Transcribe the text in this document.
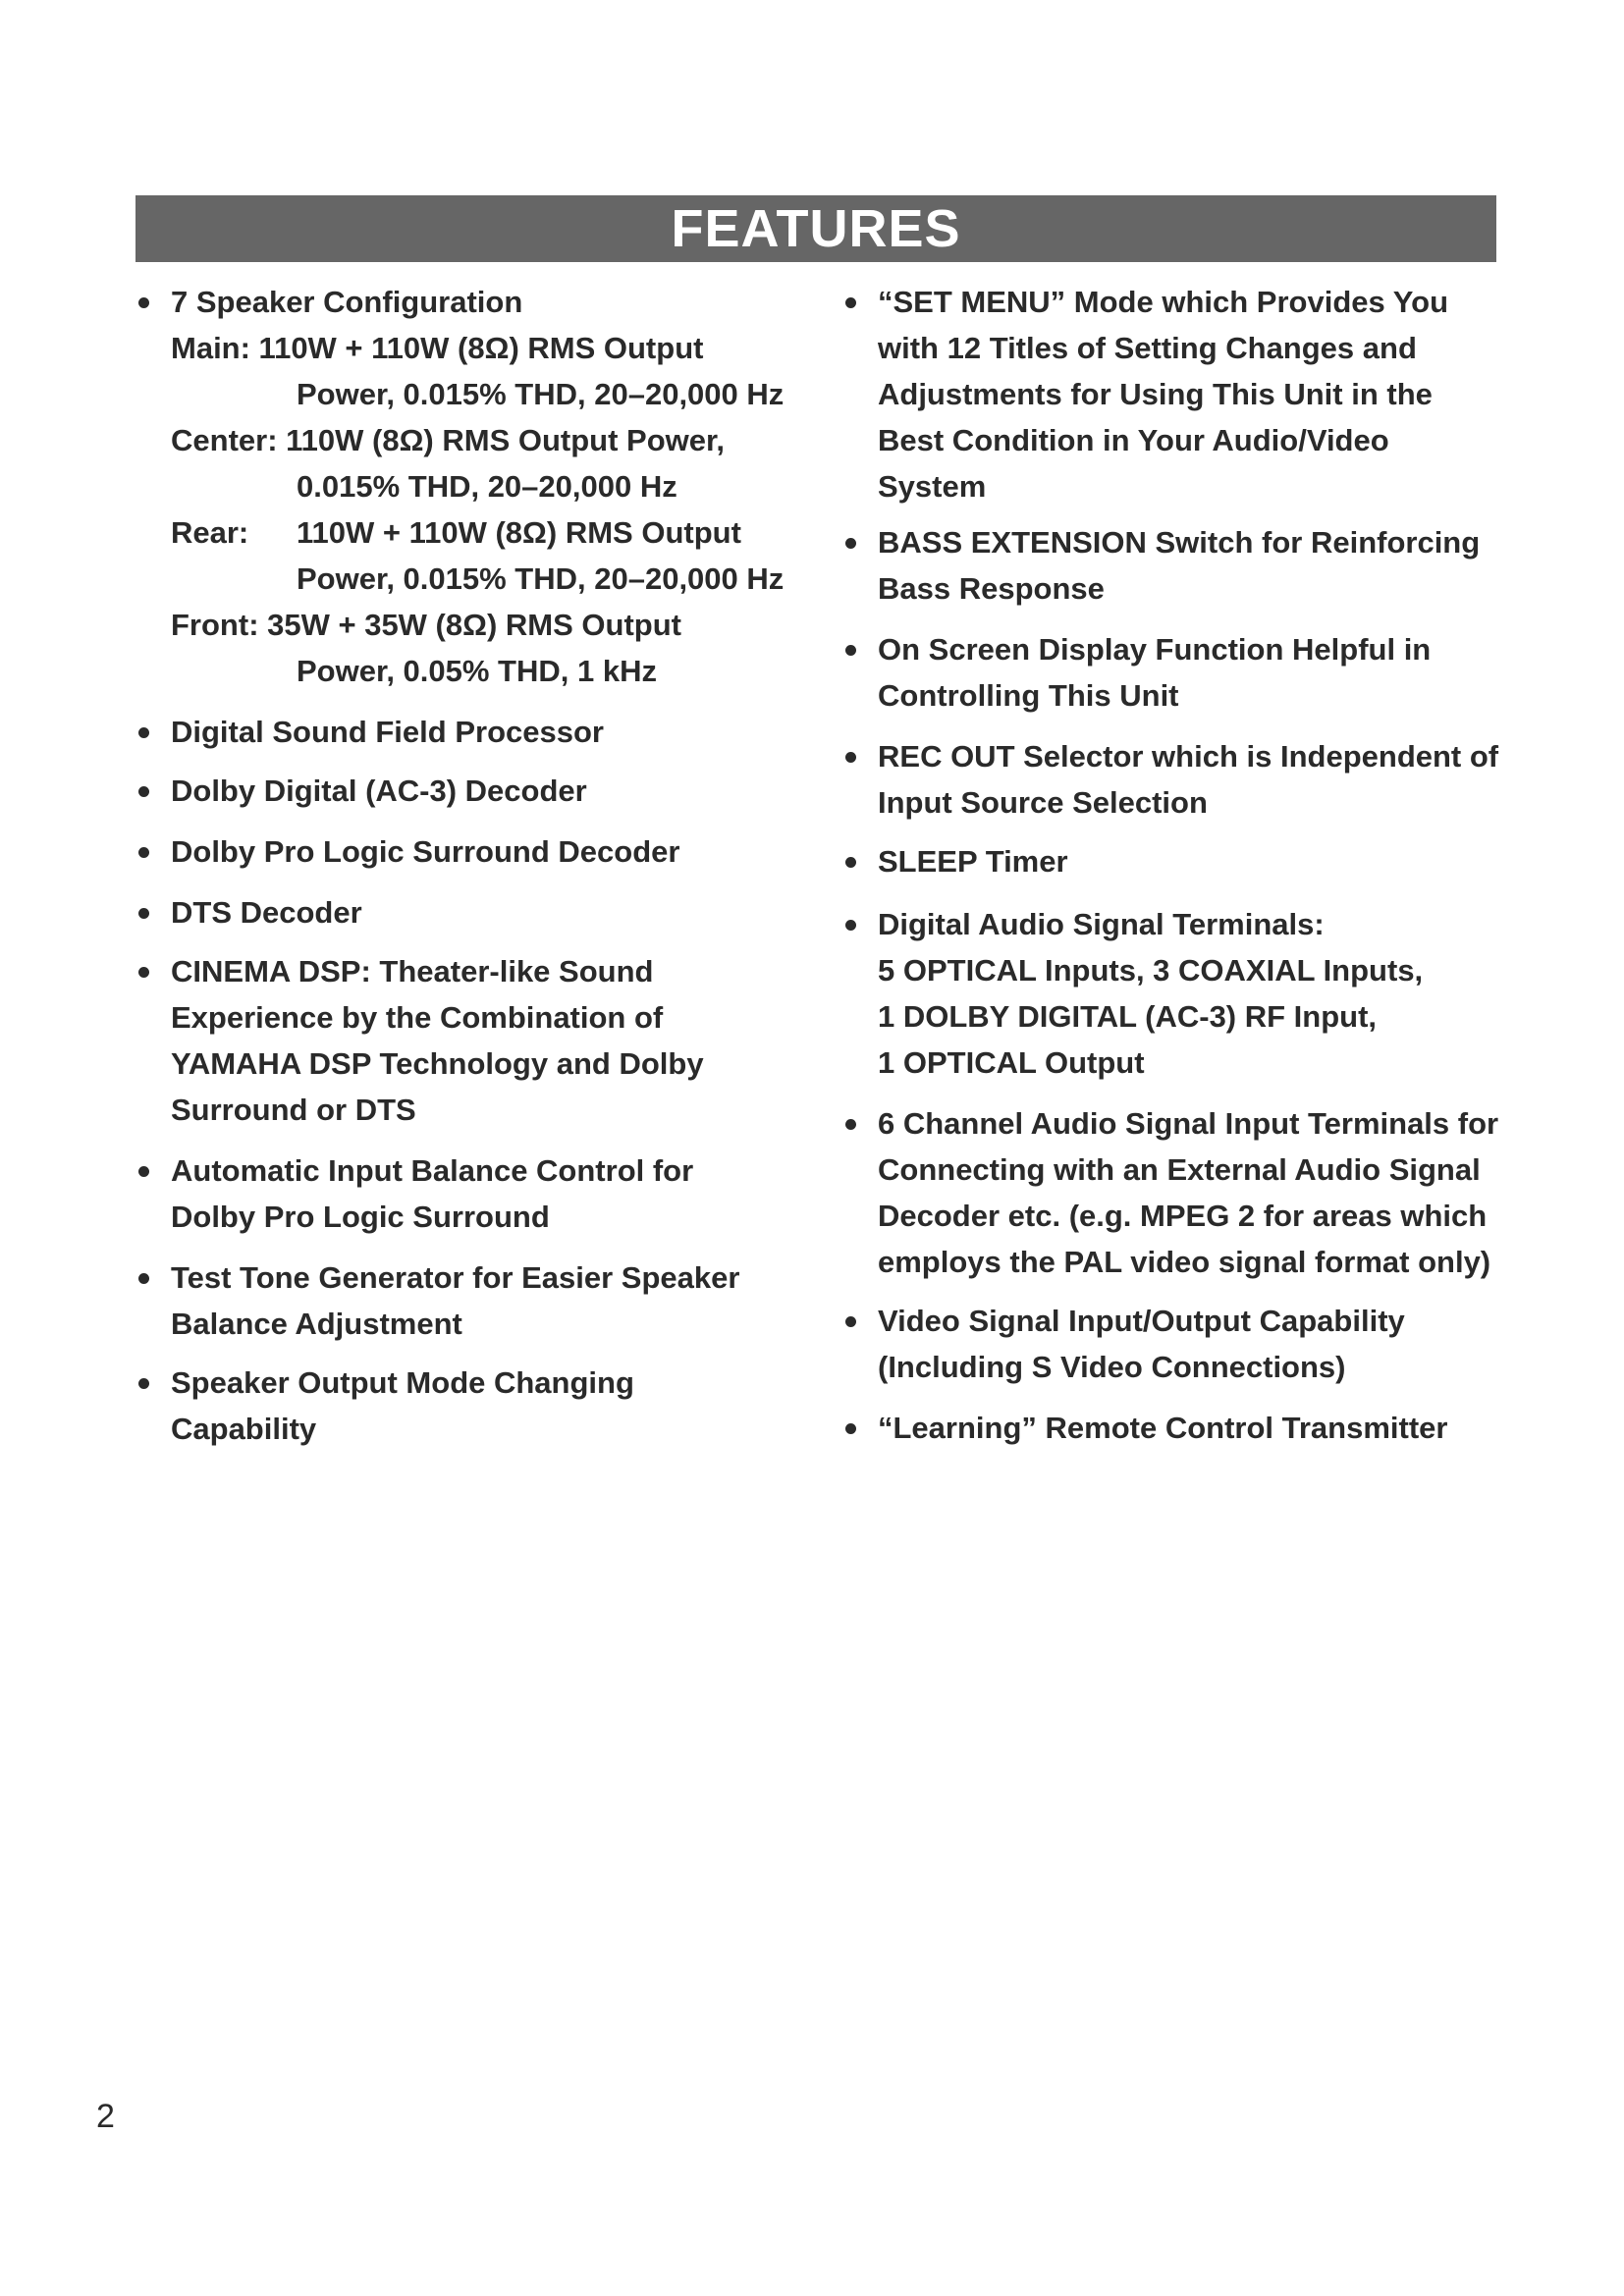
FEATURES
7 Speaker Configuration
Main: 110W + 110W (8Ω) RMS Output
Power, 0.015% THD, 20–20,000 Hz
Center: 110W (8Ω) RMS Output Power,
0.015% THD, 20–20,000 Hz
Rear: 110W + 110W (8Ω) RMS Output
Power, 0.015% THD, 20–20,000 Hz
Front: 35W + 35W (8Ω) RMS Output
Power, 0.05% THD, 1 kHz
Digital Sound Field Processor
Dolby Digital (AC-3) Decoder
Dolby Pro Logic Surround Decoder
DTS Decoder
CINEMA DSP: Theater-like Sound
Experience by the Combination of
YAMAHA DSP Technology and Dolby
Surround or DTS
Automatic Input Balance Control for
Dolby Pro Logic Surround
Test Tone Generator for Easier Speaker
Balance Adjustment
Speaker Output Mode Changing
Capability
“SET MENU” Mode which Provides You
with 12 Titles of Setting Changes and
Adjustments for Using This Unit in the
Best Condition in Your Audio/Video
System
BASS EXTENSION Switch for Reinforcing
Bass Response
On Screen Display Function Helpful in
Controlling This Unit
REC OUT Selector which is Independent of
Input Source Selection
SLEEP Timer
Digital Audio Signal Terminals:
5 OPTICAL Inputs, 3 COAXIAL Inputs,
1 DOLBY DIGITAL (AC-3) RF Input,
1 OPTICAL Output
6 Channel Audio Signal Input Terminals for
Connecting with an External Audio Signal
Decoder etc. (e.g. MPEG 2 for areas which
employs the PAL video signal format only)
Video Signal Input/Output Capability
(Including S Video Connections)
“Learning” Remote Control Transmitter
2
